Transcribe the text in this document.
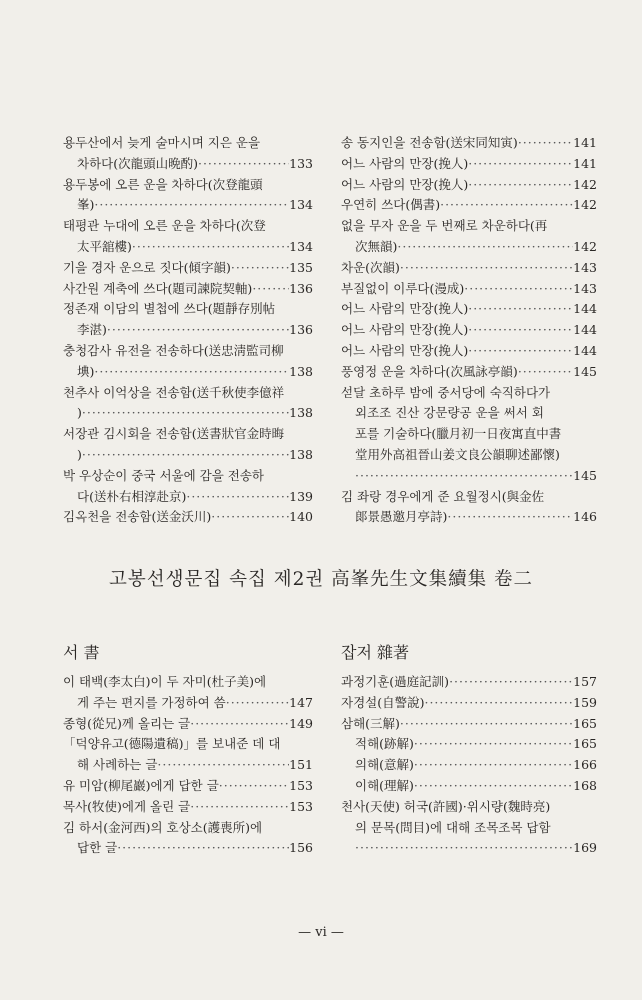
용두산에서 늦게 술마시며 지은 운을
차하다(次龍頭山晩酌) ·····	133
용두봉에 오른 운을 차하다(次登龍頭
峯) ·····	134
태평관 누대에 오른 운을 차하다(次登
太平舘樓) ·····	134
기을 경자 운으로 짓다(傾字韻) ·····	135
사간원 계축에 쓰다(題司諫院契軸) ·····	136
정존재 이담의 별첩에 쓰다(題靜存別帖
李湛) ·····	136
충청감사 유전을 전송하다(送忠淸監司柳
㙉) ·····	138
천추사 이억상을 전송함(送千秋使李億祥
) ·····	138
서장관 김시회을 전송함(送書狀官金時晦
) ·····	138
박 우상순이 중국 서울에 감을 전송하
다(送朴右相淳赴京) ·····	139
김옥천을 전송함(送金沃川) ·····	140
송 동지인을 전송함(送宋同知寅) ·····	141
어느 사람의 만장(挽人) ·····	141
어느 사람의 만장(挽人) ·····	142
우연히 쓰다(偶書) ·····	142
없을 무자 운을 두 번째로 차운하다(再
次無韻) ·····	142
차운(次韻) ·····	143
부질없이 이루다(漫成) ·····	143
어느 사람의 만장(挽人) ·····	144
어느 사람의 만장(挽人) ·····	144
어느 사람의 만장(挽人) ·····	144
풍영정 운을 차하다(次風詠亭韻) ·····	145
섣달 초하루 밤에 중서당에 숙직하다가
외조조 진산 강문량공 운을 써서 회
포를 기술하다(臘月初一日夜寓直中書
堂用外高祖晉山姜文良公韻聊述鄙懷)
·····
145
김 좌랑 경우에게 준 요월정시(與金佐
郞景愚邀月亭詩) ·····	146
고봉선생문집 속집 제2권 高峯先生文集續集 卷二
서 書	잡저 雜著
이 태백(李太白)이 두 자미(杜子美)에
게 주는 편지를 가정하여 씀 ·····	147
종형(從兄)께 올리는 글 ·····	149
「덕양유고(德陽遺稿)」를 보내준 데 대
해 사례하는 글 ·····	151
유 미암(柳尾巖)에게 답한 글 ·····	153
목사(牧使)에게 올린 글 ·····	153
김 하서(金河西)의 호상소(護喪所)에
답한 글 ·····	156
과정기훈(過庭記訓) ·····	157
자경설(自警說) ·····	159
삼해(三解) ·····	165
적해(跡解) ·····	165
의해(意解) ·····	166
이해(理解) ·····	168
천사(天使) 허국(許國)·위시량(魏時亮)
의 문목(問目)에 대해 조목조목 답함
·····
169
— vi —
